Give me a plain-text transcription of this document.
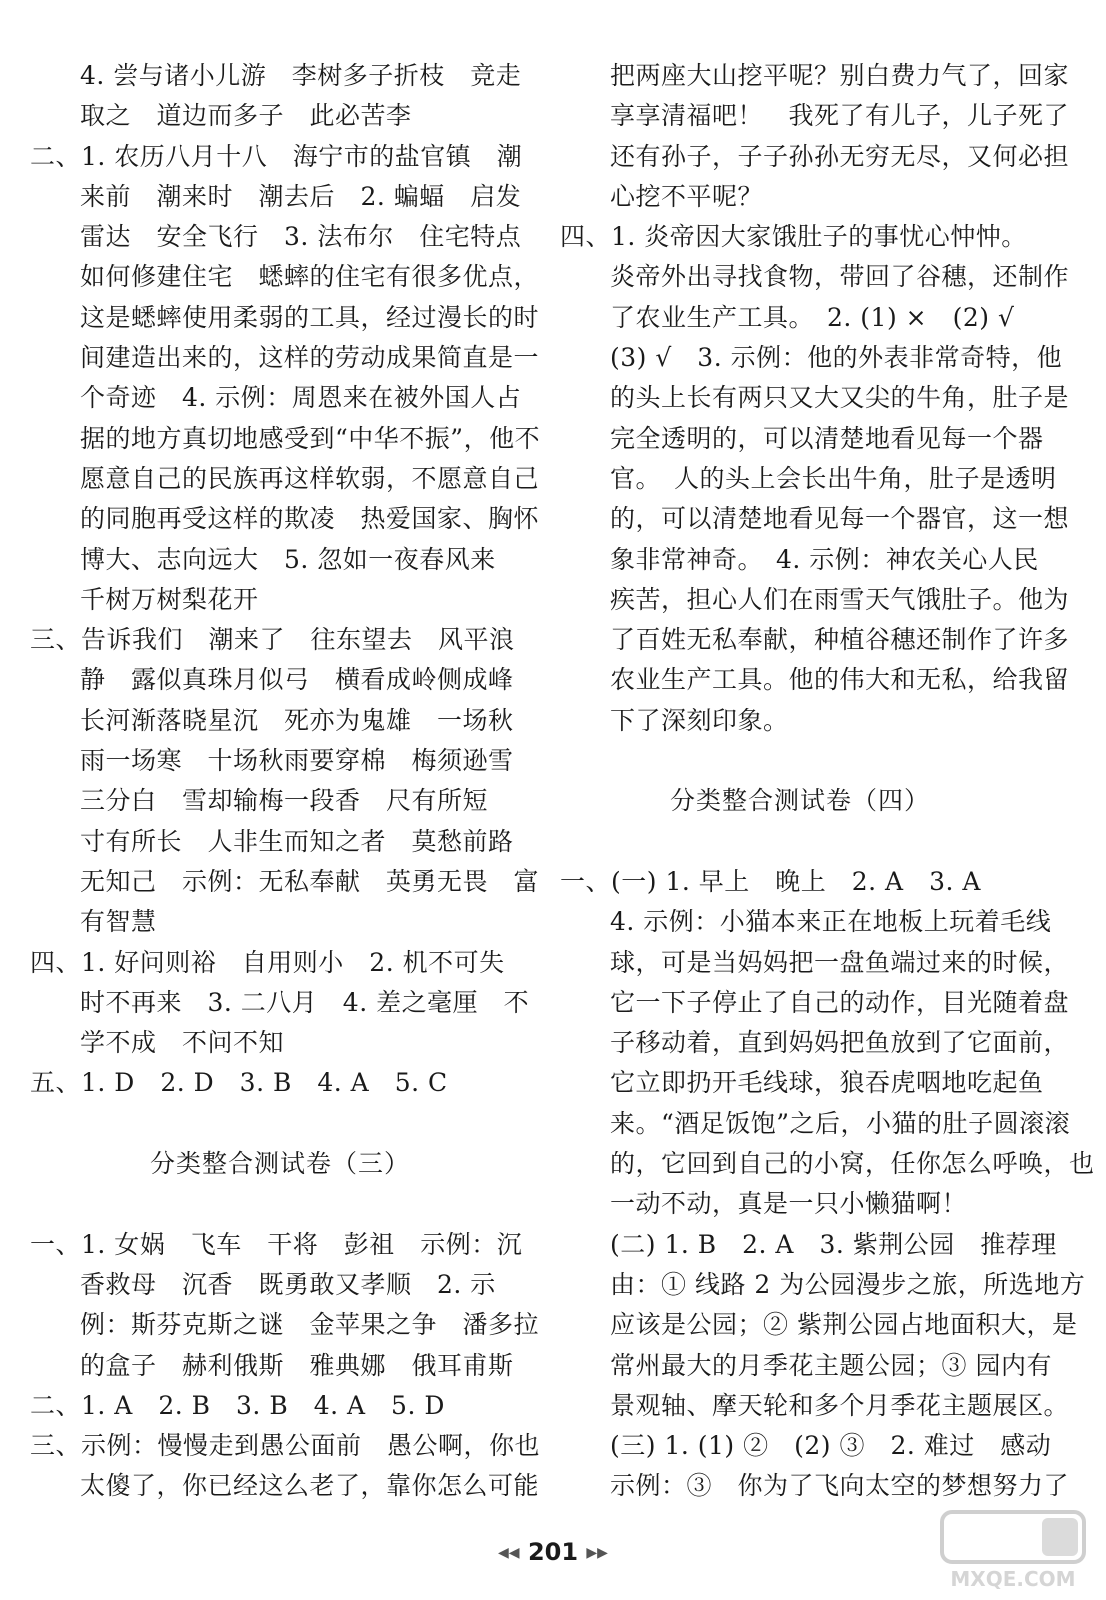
4. 尝与诸小儿游　李树多子折枝　竞走
取之　道边而多子　此必苦李
二、1. 农历八月十八　海宁市的盐官镇　潮
来前　潮来时　潮去后　2. 蝙蝠　启发
雷达　安全飞行　3. 法布尔　住宅特点
如何修建住宅　蟋蟀的住宅有很多优点，
这是蟋蟀使用柔弱的工具，经过漫长的时
间建造出来的，这样的劳动成果简直是一
个奇迹　4. 示例：周恩来在被外国人占
据的地方真切地感受到“中华不振”，他不
愿意自己的民族再这样软弱，不愿意自己
的同胞再受这样的欺凌　热爱国家、胸怀
博大、志向远大　5. 忽如一夜春风来
千树万树梨花开
三、告诉我们　潮来了　往东望去　风平浪
静　露似真珠月似弓　横看成岭侧成峰
长河渐落晓星沉　死亦为鬼雄　一场秋
雨一场寒　十场秋雨要穿棉　梅须逊雪
三分白　雪却输梅一段香　尺有所短
寸有所长　人非生而知之者　莫愁前路
无知己　示例：无私奉献　英勇无畏　富
有智慧
四、1. 好问则裕　自用则小　2. 机不可失
时不再来　3. 二八月　4. 差之毫厘　不
学不成　不问不知
五、1. D　2. D　3. B　4. A　5. C
分类整合测试卷（三）
一、1. 女娲　飞车　干将　彭祖　示例：沉
香救母　沉香　既勇敢又孝顺　2. 示
例：斯芬克斯之谜　金苹果之争　潘多拉
的盒子　赫利俄斯　雅典娜　俄耳甫斯
二、1. A　2. B　3. B　4. A　5. D
三、示例：慢慢走到愚公面前　愚公啊，你也
太傻了，你已经这么老了，靠你怎么可能
把两座大山挖平呢？别白费力气了，回家
享享清福吧！　我死了有儿子，儿子死了
还有孙子，子子孙孙无穷无尽，又何必担
心挖不平呢？
四、1. 炎帝因大家饿肚子的事忧心忡忡。
炎帝外出寻找食物，带回了谷穗，还制作
了农业生产工具。　2. (1) ×　(2) √
(3) √　3. 示例：他的外表非常奇特，他
的头上长有两只又大又尖的牛角，肚子是
完全透明的，可以清楚地看见每一个器
官。　人的头上会长出牛角，肚子是透明
的，可以清楚地看见每一个器官，这一想
象非常神奇。　4. 示例：神农关心人民
疾苦，担心人们在雨雪天气饿肚子。他为
了百姓无私奉献，种植谷穗还制作了许多
农业生产工具。他的伟大和无私，给我留
下了深刻印象。
分类整合测试卷（四）
一、(一) 1. 早上　晚上　2. A　3. A
4. 示例：小猫本来正在地板上玩着毛线
球，可是当妈妈把一盘鱼端过来的时候，
它一下子停止了自己的动作，目光随着盘
子移动着，直到妈妈把鱼放到了它面前，
它立即扔开毛线球，狼吞虎咽地吃起鱼
来。“酒足饭饱”之后，小猫的肚子圆滚滚
的，它回到自己的小窝，任你怎么呼唤，也
一动不动，真是一只小懒猫啊！
(二) 1. B　2. A　3. 紫荆公园　推荐理
由：① 线路 2 为公园漫步之旅，所选地方
应该是公园；② 紫荆公园占地面积大，是
常州最大的月季花主题公园；③ 园内有
景观轴、摩天轮和多个月季花主题展区。
(三) 1. (1) ②　(2) ③　2. 难过　感动
示例：③　你为了飞向太空的梦想努力了
◀◀ 201 ▶▶
MXQE.COM
